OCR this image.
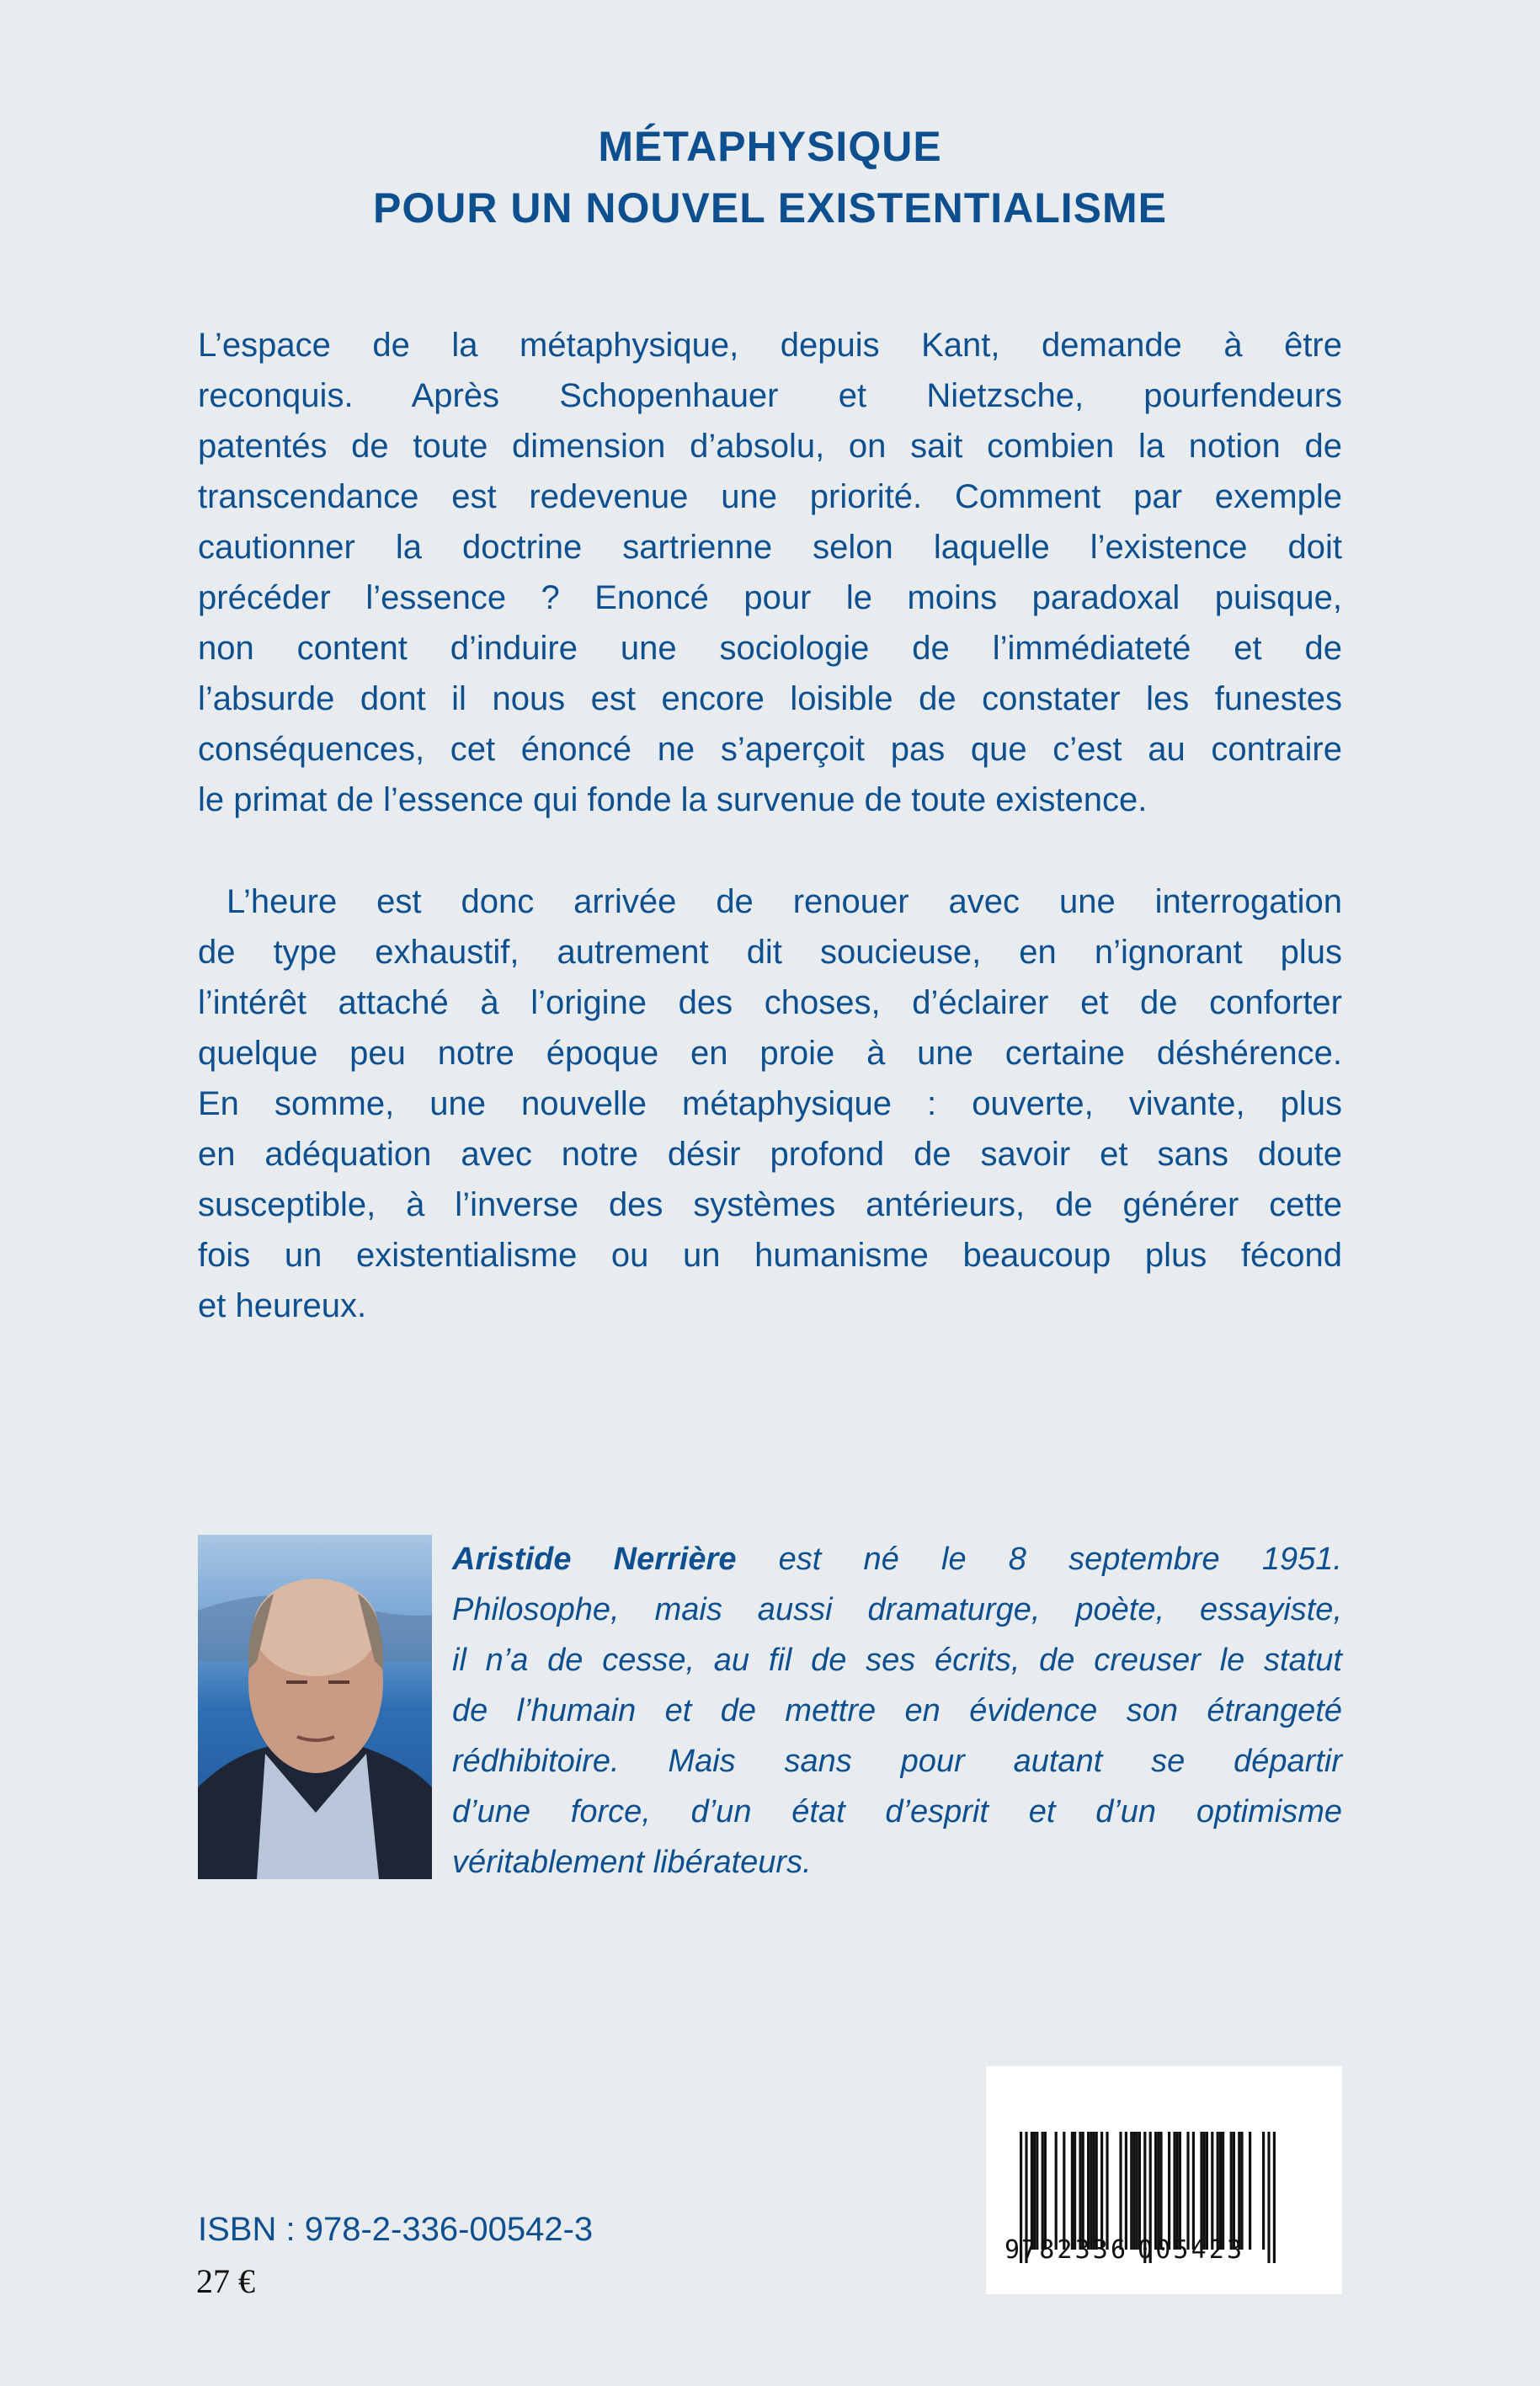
MÉTAPHYSIQUE
POUR UN NOUVEL EXISTENTIALISME
L’espace de la métaphysique, depuis Kant, demande à être
reconquis. Après Schopenhauer et Nietzsche, pourfendeurs
patentés de toute dimension d’absolu, on sait combien la notion de
transcendance est redevenue une priorité. Comment par exemple
cautionner la doctrine sartrienne selon laquelle l’existence doit
précéder l’essence ? Enoncé pour le moins paradoxal puisque,
non content d’induire une sociologie de l’immédiateté et de
l’absurde dont il nous est encore loisible de constater les funestes
conséquences, cet énoncé ne s’aperçoit pas que c’est au contraire
le primat de l’essence qui fonde la survenue de toute existence.
L’heure est donc arrivée de renouer avec une interrogation
de type exhaustif, autrement dit soucieuse, en n’ignorant plus
l’intérêt attaché à l’origine des choses, d’éclairer et de conforter
quelque peu notre époque en proie à une certaine déshérence.
En somme, une nouvelle métaphysique : ouverte, vivante, plus
en adéquation avec notre désir profond de savoir et sans doute
susceptible, à l’inverse des systèmes antérieurs, de générer cette
fois un existentialisme ou un humanisme beaucoup plus fécond
et heureux.
Aristide Nerrière est né le 8 septembre 1951.
Philosophe, mais aussi dramaturge, poète, essayiste,
il n’a de cesse, au fil de ses écrits, de creuser le statut
de l’humain et de mettre en évidence son étrangeté
rédhibitoire. Mais sans pour autant se départir
d’une force, d’un état d’esprit et d’un optimisme
véritablement libérateurs.
ISBN : 978-2-336-00542-3
27 €
9 782336 005423
